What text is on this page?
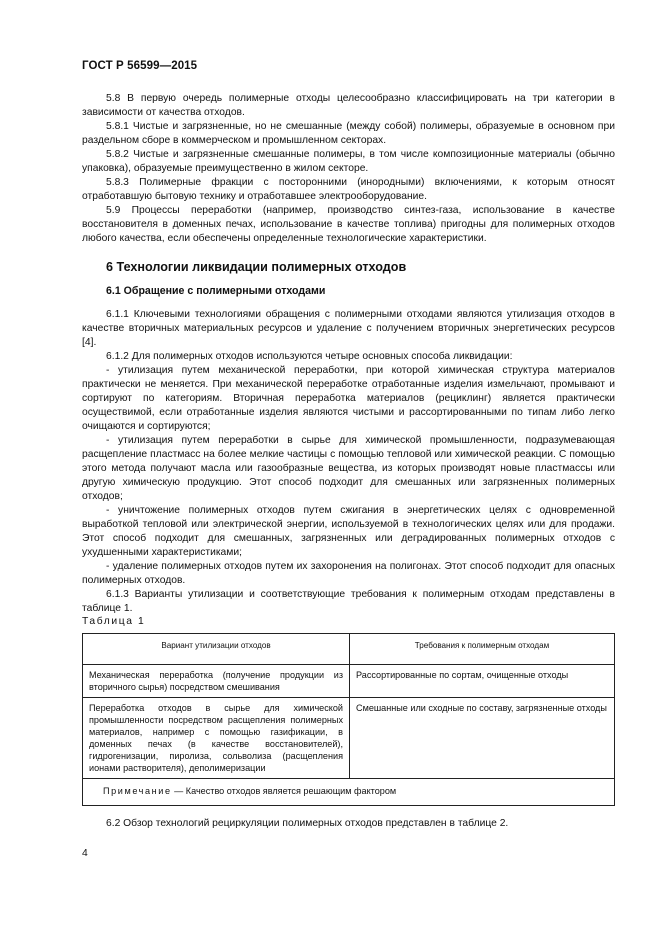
ГОСТ Р 56599—2015

5.8 В первую очередь полимерные отходы целесообразно классифицировать на три категории в зависимости от качества отходов.

5.8.1 Чистые и загрязненные, но не смешанные (между собой) полимеры, образуемые в основном при раздельном сборе в коммерческом и промышленном секторах.

5.8.2 Чистые и загрязненные смешанные полимеры, в том числе композиционные материалы (обычно упаковка), образуемые преимущественно в жилом секторе.

5.8.3 Полимерные фракции с посторонними (инородными) включениями, к которым относят отработавшую бытовую технику и отработавшее электрооборудование.

5.9 Процессы переработки (например, производство синтез-газа, использование в качестве восстановителя в доменных печах, использование в качестве топлива) пригодны для полимерных отходов любого качества, если обеспечены определенные технологические характеристики.

6 Технологии ликвидации полимерных отходов

6.1 Обращение с полимерными отходами

6.1.1 Ключевыми технологиями обращения с полимерными отходами являются утилизация отходов в качестве вторичных материальных ресурсов и удаление с получением вторичных энергетических ресурсов [4].

6.1.2 Для полимерных отходов используются четыре основных способа ликвидации:

- утилизация путем механической переработки, при которой химическая структура материалов практически не меняется. При механической переработке отработанные изделия измельчают, промывают и сортируют по категориям. Вторичная переработка материалов (рециклинг) является практически осуществимой, если отработанные изделия являются чистыми и рассортированными по типам либо легко очищаются и сортируются;

- утилизация путем переработки в сырье для химической промышленности, подразумевающая расщепление пластмасс на более мелкие частицы с помощью тепловой или химической реакции. С помощью этого метода получают масла или газообразные вещества, из которых производят новые пластмассы или другую химическую продукцию. Этот способ подходит для смешанных или загрязненных полимерных отходов;

- уничтожение полимерных отходов путем сжигания в энергетических целях с одновременной выработкой тепловой или электрической энергии, используемой в технологических целях или для продажи. Этот способ подходит для смешанных, загрязненных или деградированных полимерных отходов с ухудшенными характеристиками;

- удаление полимерных отходов путем их захоронения на полигонах. Этот способ подходит для опасных полимерных отходов.

6.1.3 Варианты утилизации и соответствующие требования к полимерным отходам представлены в таблице 1.

Таблица 1
Вариант утилизации отходов	Требования к полимерным отходам
Механическая переработка (получение продукции из вторичного сырья) посредством смешивания	Рассортированные по сортам, очищенные отходы
Переработка отходов в сырье для химической промышленности посредством расщепления полимерных материалов, например с помощью газификации, в доменных печах (в качестве восстановителей), гидрогенизации, пиролиза, сольволиза (расщепления ионами растворителя), деполимеризации	Смешанные или сходные по составу, загрязненные отходы
Примечание — Качество отходов является решающим фактором	
6.2 Обзор технологий рециркуляции полимерных отходов представлен в таблице 2.
4
